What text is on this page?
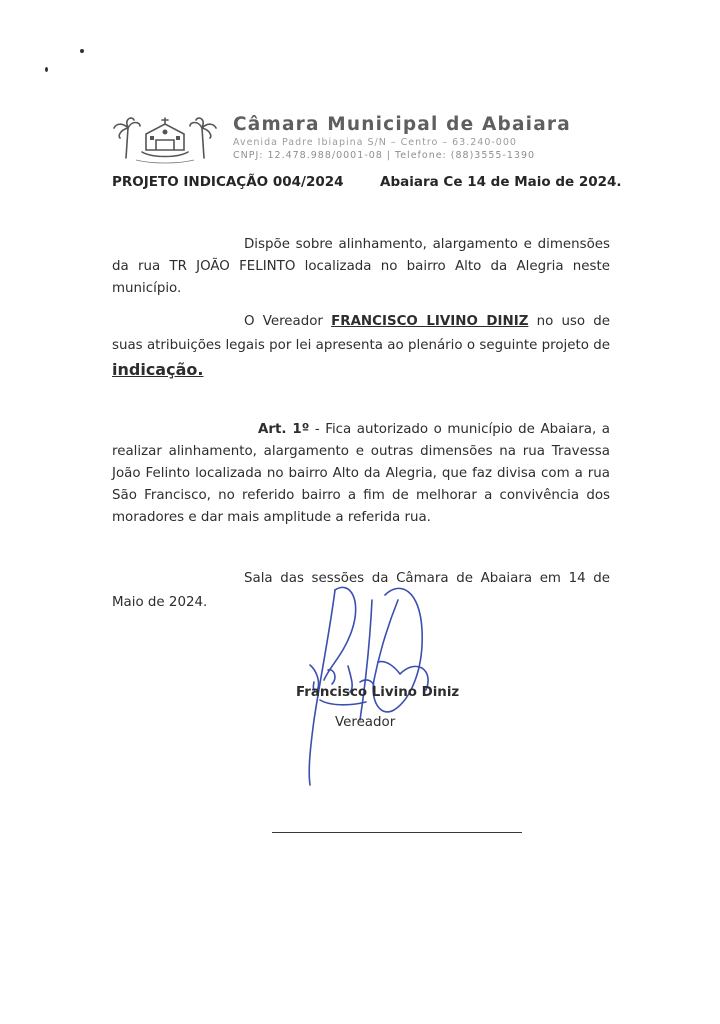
Câmara Municipal de Abaiara
Avenida Padre Ibiapina S/N – Centro – 63.240-000
CNPJ: 12.478.988/0001-08 | Telefone: (88)3555-1390
PROJETO INDICAÇÃO 004/2024	Abaiara Ce 14 de Maio de 2024.
Dispõe sobre alinhamento, alargamento e dimensões da rua TR JOÃO FELINTO localizada no bairro Alto da Alegria neste município.
O Vereador FRANCISCO LIVINO DINIZ no uso de suas atribuições legais por lei apresenta ao plenário o seguinte projeto de indicação.
Art. 1º - Fica autorizado o município de Abaiara, a realizar alinhamento, alargamento e outras dimensões na rua Travessa João Felinto localizada no bairro Alto da Alegria, que faz divisa com a rua São Francisco, no referido bairro a fim de melhorar a convivência dos moradores e dar mais amplitude a referida rua.
Sala das sessões da Câmara de Abaiara em 14 de Maio de 2024.
Francisco Livino Diniz
Vereador
